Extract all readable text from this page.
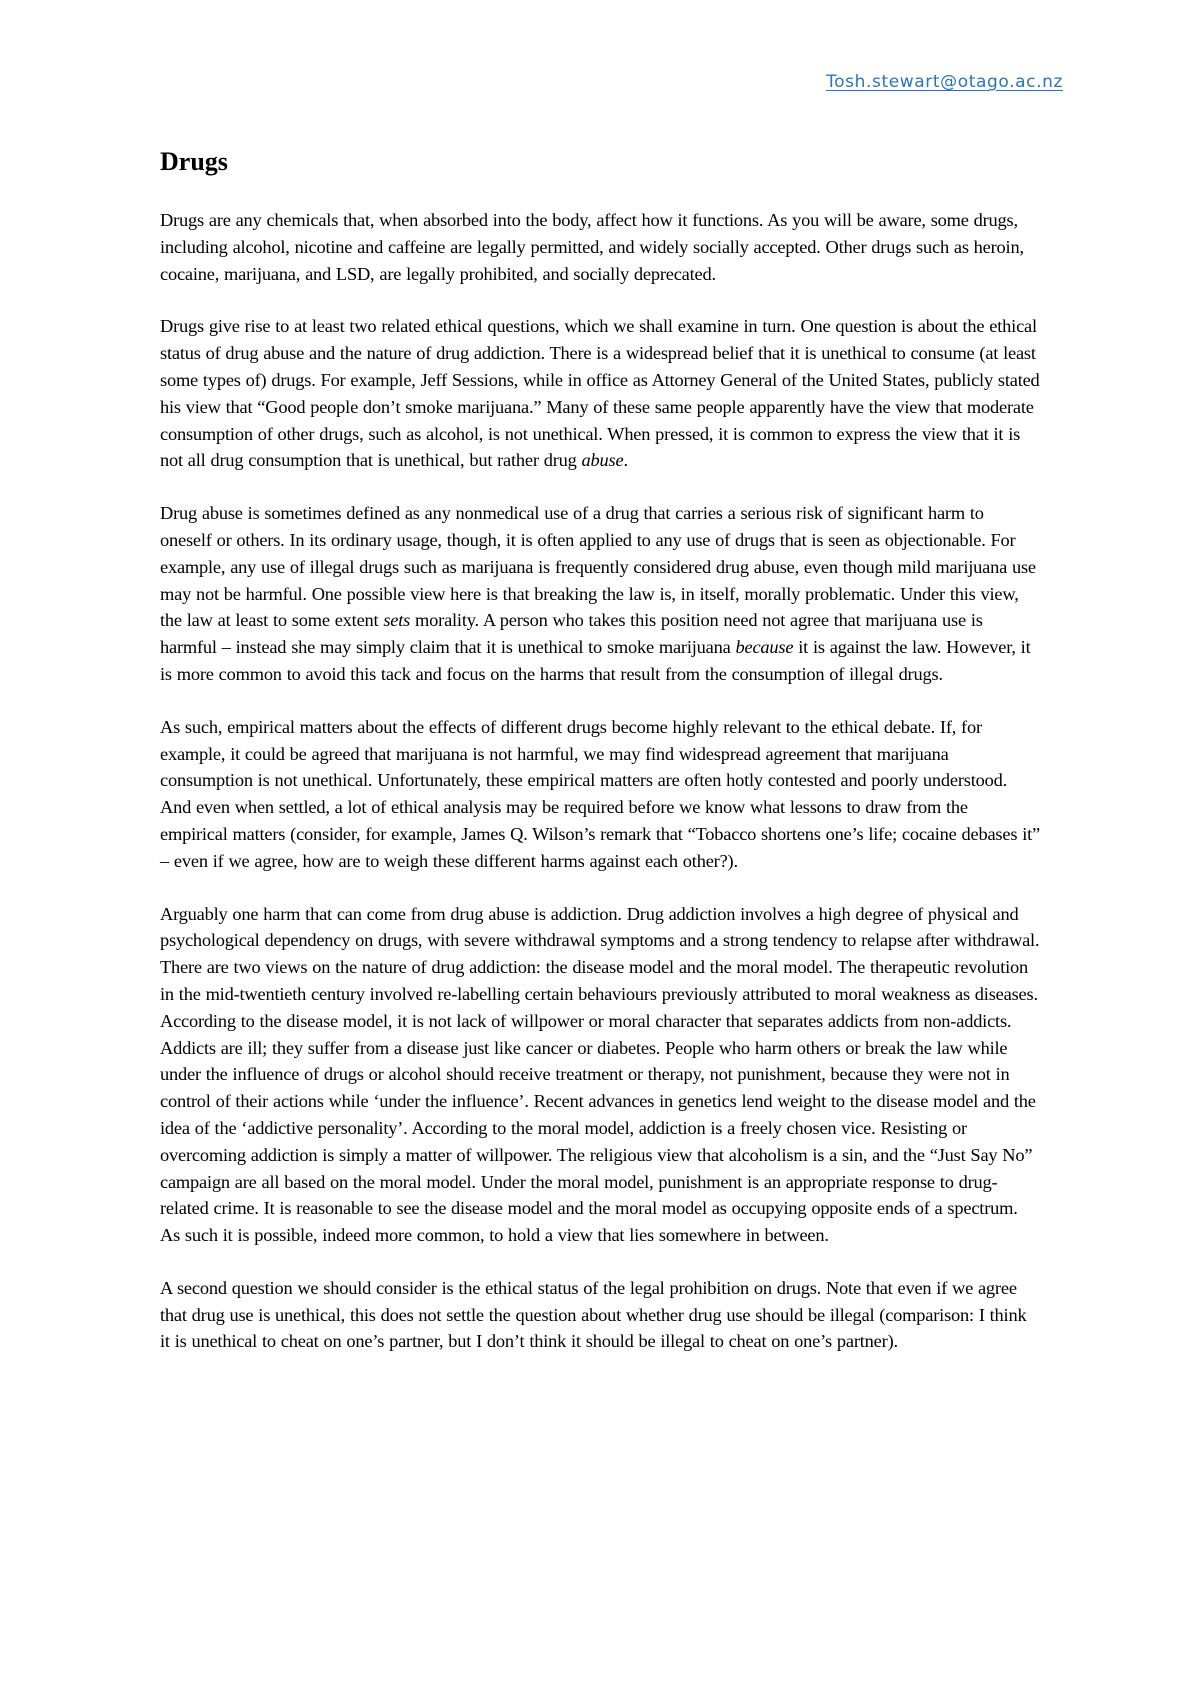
Tosh.stewart@otago.ac.nz
Drugs

Drugs are any chemicals that, when absorbed into the body, affect how it functions. As you will be aware, some drugs, including alcohol, nicotine and caffeine are legally permitted, and widely socially accepted. Other drugs such as heroin, cocaine, marijuana, and LSD, are legally prohibited, and socially deprecated.

Drugs give rise to at least two related ethical questions, which we shall examine in turn. One question is about the ethical status of drug abuse and the nature of drug addiction. There is a widespread belief that it is unethical to consume (at least some types of) drugs. For example, Jeff Sessions, while in office as Attorney General of the United States, publicly stated his view that “Good people don’t smoke marijuana.” Many of these same people apparently have the view that moderate consumption of other drugs, such as alcohol, is not unethical. When pressed, it is common to express the view that it is not all drug consumption that is unethical, but rather drug abuse.

Drug abuse is sometimes defined as any nonmedical use of a drug that carries a serious risk of significant harm to oneself or others. In its ordinary usage, though, it is often applied to any use of drugs that is seen as objectionable. For example, any use of illegal drugs such as marijuana is frequently considered drug abuse, even though mild marijuana use may not be harmful. One possible view here is that breaking the law is, in itself, morally problematic. Under this view, the law at least to some extent sets morality. A person who takes this position need not agree that marijuana use is harmful – instead she may simply claim that it is unethical to smoke marijuana because it is against the law. However, it is more common to avoid this tack and focus on the harms that result from the consumption of illegal drugs.

As such, empirical matters about the effects of different drugs become highly relevant to the ethical debate. If, for example, it could be agreed that marijuana is not harmful, we may find widespread agreement that marijuana consumption is not unethical. Unfortunately, these empirical matters are often hotly contested and poorly understood. And even when settled, a lot of ethical analysis may be required before we know what lessons to draw from the empirical matters (consider, for example, James Q. Wilson’s remark that “Tobacco shortens one’s life; cocaine debases it” – even if we agree, how are to weigh these different harms against each other?).

Arguably one harm that can come from drug abuse is addiction. Drug addiction involves a high degree of physical and psychological dependency on drugs, with severe withdrawal symptoms and a strong tendency to relapse after withdrawal. There are two views on the nature of drug addiction: the disease model and the moral model. The therapeutic revolution in the mid-twentieth century involved re-labelling certain behaviours previously attributed to moral weakness as diseases. According to the disease model, it is not lack of willpower or moral character that separates addicts from non-addicts. Addicts are ill; they suffer from a disease just like cancer or diabetes. People who harm others or break the law while under the influence of drugs or alcohol should receive treatment or therapy, not punishment, because they were not in control of their actions while ‘under the influence’. Recent advances in genetics lend weight to the disease model and the idea of the ‘addictive personality’. According to the moral model, addiction is a freely chosen vice. Resisting or overcoming addiction is simply a matter of willpower. The religious view that alcoholism is a sin, and the “Just Say No” campaign are all based on the moral model. Under the moral model, punishment is an appropriate response to drug-related crime. It is reasonable to see the disease model and the moral model as occupying opposite ends of a spectrum. As such it is possible, indeed more common, to hold a view that lies somewhere in between.

A second question we should consider is the ethical status of the legal prohibition on drugs. Note that even if we agree that drug use is unethical, this does not settle the question about whether drug use should be illegal (comparison: I think it is unethical to cheat on one’s partner, but I don’t think it should be illegal to cheat on one’s partner).
